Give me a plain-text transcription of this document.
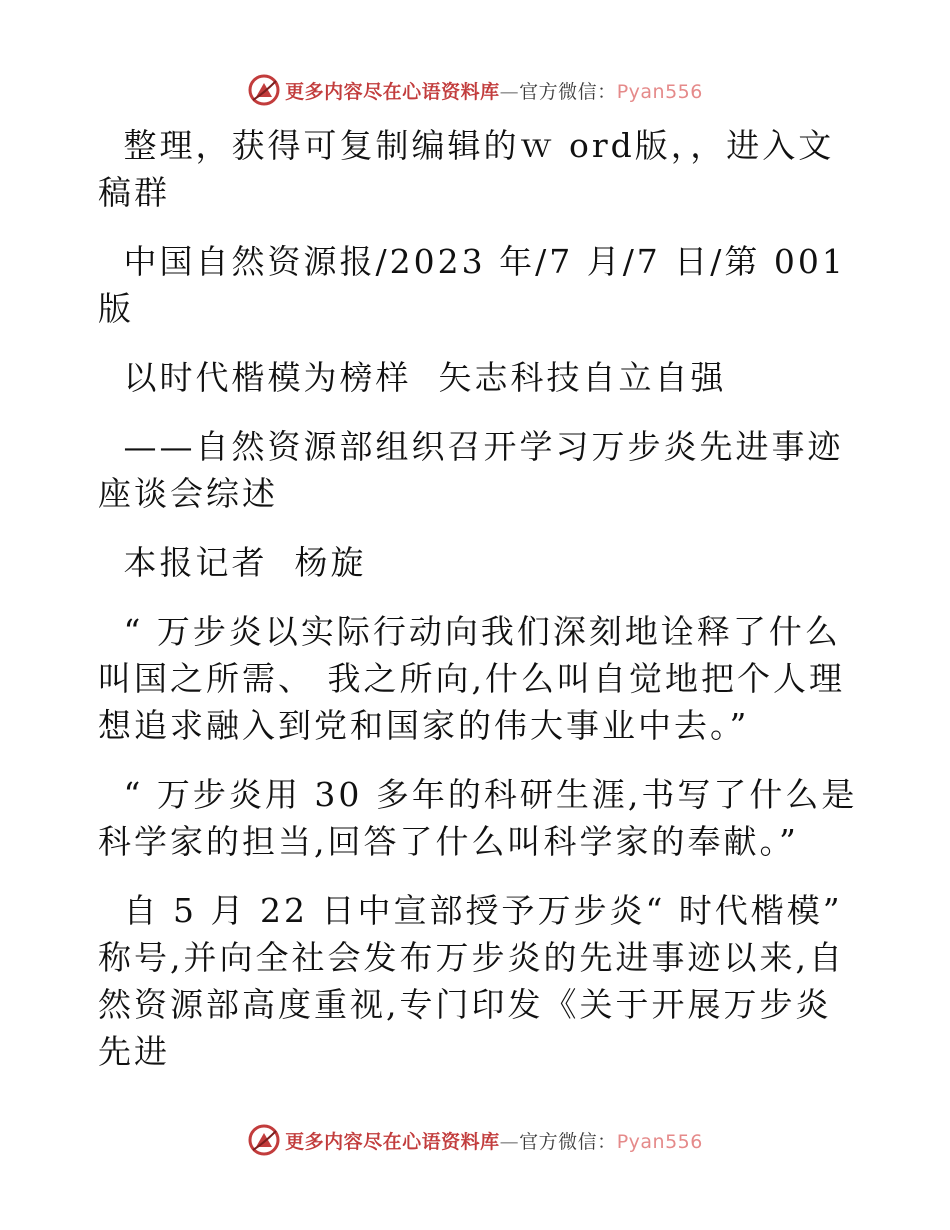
更多内容尽在心语资料库—官方微信：Pyan556

整理，获得可复制编辑的ｗ ord版，，进入文稿群

中国自然资源报/2023 年/7 月/7 日/第 001 版

以时代楷模为榜样  矢志科技自立自强

——自然资源部组织召开学习万步炎先进事迹座谈会综述

本报记者  杨旋

“ 万步炎以实际行动向我们深刻地诠释了什么叫国之所需、 我之所向,什么叫自觉地把个人理想追求融入到党和国家的伟大事业中去。”

“ 万步炎用 30 多年的科研生涯,书写了什么是科学家的担当,回答了什么叫科学家的奉献。”

自 5 月 22 日中宣部授予万步炎“ 时代楷模” 称号,并向全社会发布万步炎的先进事迹以来,自然资源部高度重视,专门印发《关于开展万步炎先进

更多内容尽在心语资料库—官方微信：Pyan556
